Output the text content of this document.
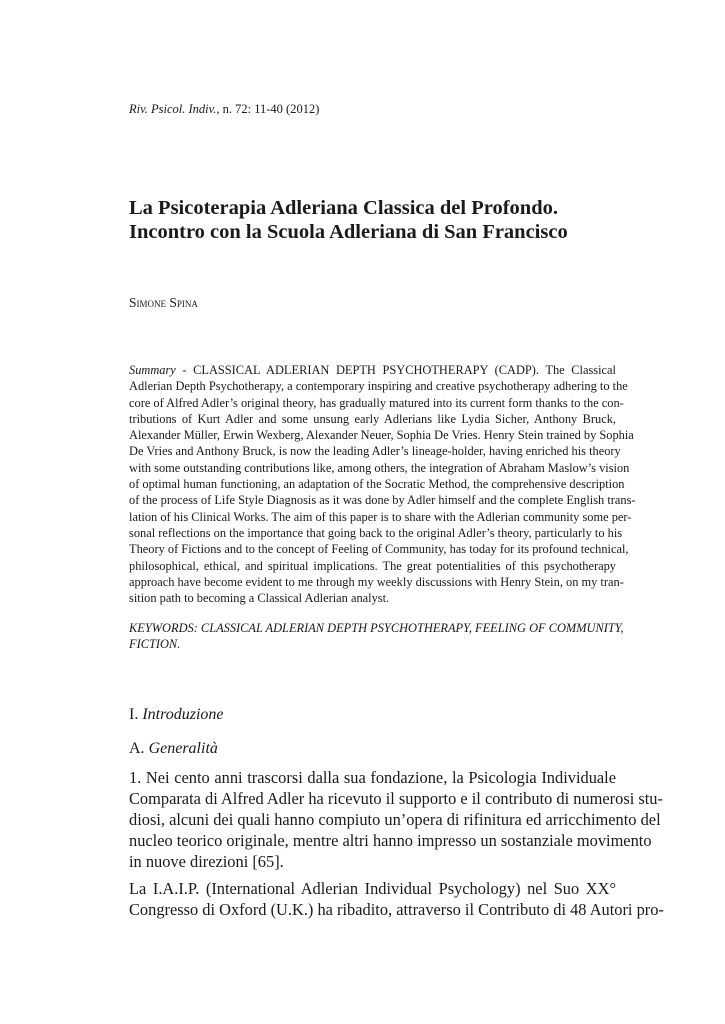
Riv. Psicol. Indiv., n. 72: 11-40 (2012)
La Psicoterapia Adleriana Classica del Profondo.
Incontro con la Scuola Adleriana di San Francisco
Simone Spina
Summary - CLASSICAL ADLERIAN DEPTH PSYCHOTHERAPY (CADP). The Classical
Adlerian Depth Psychotherapy, a contemporary inspiring and creative psychotherapy adhering to the
core of Alfred Adler’s original theory, has gradually matured into its current form thanks to the con-
tributions of Kurt Adler and some unsung early Adlerians like Lydia Sicher, Anthony Bruck,
Alexander Müller, Erwin Wexberg, Alexander Neuer, Sophia De Vries. Henry Stein trained by Sophia
De Vries and Anthony Bruck, is now the leading Adler’s lineage-holder, having enriched his theory
with some outstanding contributions like, among others, the integration of Abraham Maslow’s vision
of optimal human functioning, an adaptation of the Socratic Method, the comprehensive description
of the process of Life Style Diagnosis as it was done by Adler himself and the complete English trans-
lation of his Clinical Works. The aim of this paper is to share with the Adlerian community some per-
sonal reflections on the importance that going back to the original Adler’s theory, particularly to his
Theory of Fictions and to the concept of Feeling of Community, has today for its profound technical,
philosophical, ethical, and spiritual implications. The great potentialities of this psychotherapy
approach have become evident to me through my weekly discussions with Henry Stein, on my tran-
sition path to becoming a Classical Adlerian analyst.
KEYWORDS: CLASSICAL ADLERIAN DEPTH PSYCHOTHERAPY, FEELING OF COMMUNITY,
FICTION.
I. Introduzione
A. Generalità
1. Nei cento anni trascorsi dalla sua fondazione, la Psicologia Individuale
Comparata di Alfred Adler ha ricevuto il supporto e il contributo di numerosi stu-
diosi, alcuni dei quali hanno compiuto un’opera di rifinitura ed arricchimento del
nucleo teorico originale, mentre altri hanno impresso un sostanziale movimento
in nuove direzioni [65].
La I.A.I.P. (International Adlerian Individual Psychology) nel Suo XX°
Congresso di Oxford (U.K.) ha ribadito, attraverso il Contributo di 48 Autori pro-
